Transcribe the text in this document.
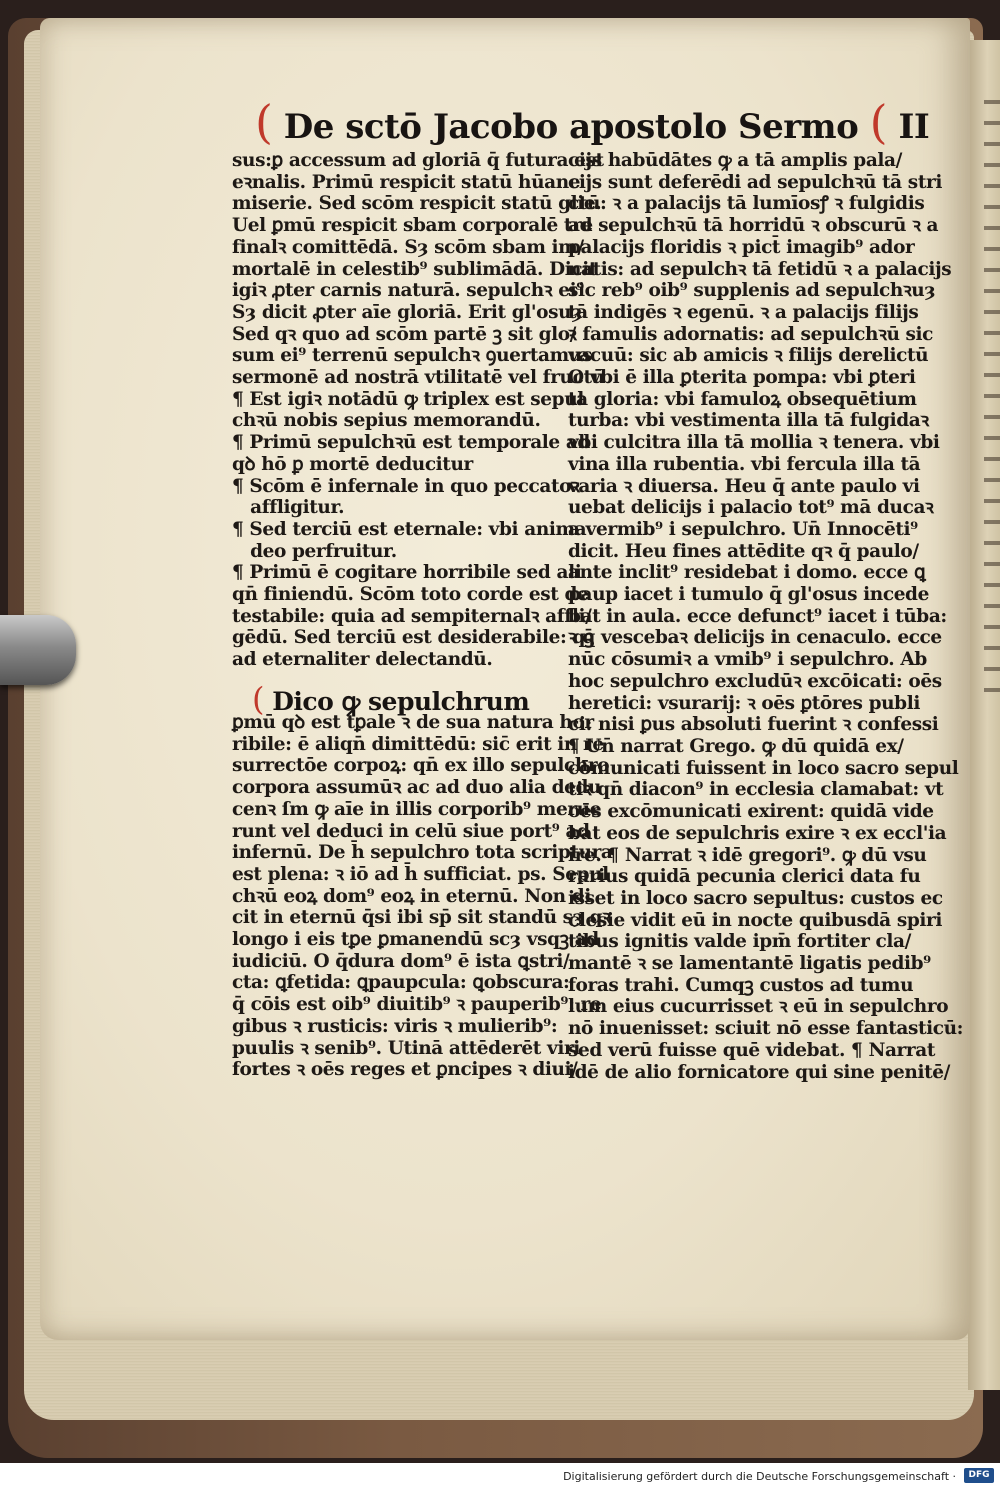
( De sctō Jacobo apostolo Sermo ( II
sus:ꝑ accessum ad gloriā q̄ futura
eꝛnalis. Primū respicit statū hūane
miserie. Sed scōm respicit statū
Uel ꝑmū respicit sbam corporalē
finalꝛ comittēdā. Sȝ scōm sbam
mortalē in celestib⁹ sublimādā.
igiꝛ ꝓter carnis naturā. sepulchꝛ
Sȝ dicit ꝓter aīe gloriā. Erit gl'osuȝ
Sed qꝛ quo ad scōm partē ꝫ sit glo/
sum ei⁹ terrenū sepulchꝛ ꝯuertamus
sermonē ad nostrā vtilitatē vel
¶ Est igiꝛ notādū ꝙ triplex est sepul
chꝛū nobis sepius memorandū.
¶ Primū sepulchꝛū est temporale
qꝺ hō ꝑ mortē deducitur
¶ Scōm ē infernale in quo peccatoꝛ
affligitur.
¶ Sed terciū est eternale: vbi anima
deo perfruitur.
¶ Primū ē cogitare horribile sed
qn̄ finiendū. Scōm toto corde est
testabile: quia ad sempiternalꝛ
gēdū. Sed terciū est desiderabile:
ad eternaliter delectandū.
( Dico ꝙ sepulchrum
ꝑmū qꝺ est tꝑale ꝛ de sua natura
ribile: ē aliqn̄ dimittēdū: sic̄ erit
surrectōe corpoꝝ: qn̄ ex illo sepulchro
corpora assumūꝛ ac ad duo alia
cenꝛ ſm ꝙ aīe in illis corporib⁹
runt vel deduci in celū siue port⁹
infernū. De h̄ sepulchro tota
est plena: ꝛ iō ad h̄ sufficiat. ps.
chꝛū eoꝝ dom⁹ eoꝝ in eternū. Non
cit in eternū q̄si ibi sp̄ sit standū
longo i eis tꝑe ꝑmanendū scȝ vsqꝫ
iudiciū. O q̄dura dom⁹ ē ista ꝗstri/
cta: ꝗfetida: ꝗpaupcula: ꝗobscura:
q̄ cōis est oib⁹ diuitib⁹ ꝛ pauperib⁹:
gibus ꝛ rusticis: viris ꝛ mulierib⁹:
puulis ꝛ senib⁹. Utinā attēderēt
fortes ꝛ oēs reges et ꝑncipes ꝛ diui/
cijs habūdātes ꝙ a tā amplis pala/
cijs sunt deferēdi ad sepulchꝛū tā
ctū: ꝛ a palacijs tā lumīosꝭ ꝛ fulgidis
ad sepulchꝛū tā horridū ꝛ obscurū
palacijs floridis ꝛ pict̄ imagib⁹ ador
natis: ad sepulchꝛ tā fetidū ꝛ a
sic reb⁹ oib⁹ supplenis ad sepulchꝛuȝ
tā indigēs ꝛ egenū. ꝛ a palacijs filijs
ꝛ famulis adornatis: ad sepulchꝛū
vacuū: sic ab amicis ꝛ filijs derelictū
O vbi ē illa ꝑterita pompa: vbi ꝑteri
ta gloria: vbi famuloꝝ obsequētium
turba: vbi vestimenta illa tā fulgidaꝛ
vbi culcitra illa tā mollia ꝛ tenera.
vina illa rubentia. vbi fercula illa
varia ꝛ diuersa. Heu q̄ ante paulo
uebat delicijs i palacio tot⁹ mā ducaꝛ
a vermib⁹ i sepulchro. Un̄ Innocēti⁹
dicit. Heu fines attēdite qꝛ q̄ paulo/
ante inclit⁹ residebat i domo. ecce
paup iacet i tumulo q̄ gl'osus incede
bat in aula. ecce defunct⁹ iacet i
ꝛ q̄ vescebaꝛ delicijs in cenaculo.
nūc cōsumiꝛ a vmib⁹ i sepulchro.
hoc sepulchro excludūꝛ excōicati:
heretici: vsurarij: ꝛ oēs ꝑtōres publi
ci: nisi ꝑus absoluti fuerint ꝛ confessi
¶ Un̄ narrat Grego. ꝙ dū quidā ex/
cōmunicati fuissent in loco sacro
tiꝛ qn̄ diacon⁹ in ecclesia clamabat:
oēs excōmunicati exirent: quidā
bat eos de sepulchris exire ꝛ ex
ire. ¶ Narrat ꝛ idē gregori⁹. ꝙ dū
rarius quidā pecunia clerici data
isset in loco sacro sepultus: custos
clesie vidit eū in nocte quibusdā
tibus ignitis valde ipm̄ fortiter cla/
mantē ꝛ se lamentantē ligatis pedib⁹
foras trahi. Cumqꝫ custos ad tumu
lum eius cucurrisset ꝛ eū in sepulchro
nō inuenisset: sciuit nō esse
sed verū fuisse quē videbat. ¶ Narrat
idē de alio fornicatore qui sine
Digitalisierung gefördert durch die Deutsche Forschungsgemeinschaft ·	DFG
